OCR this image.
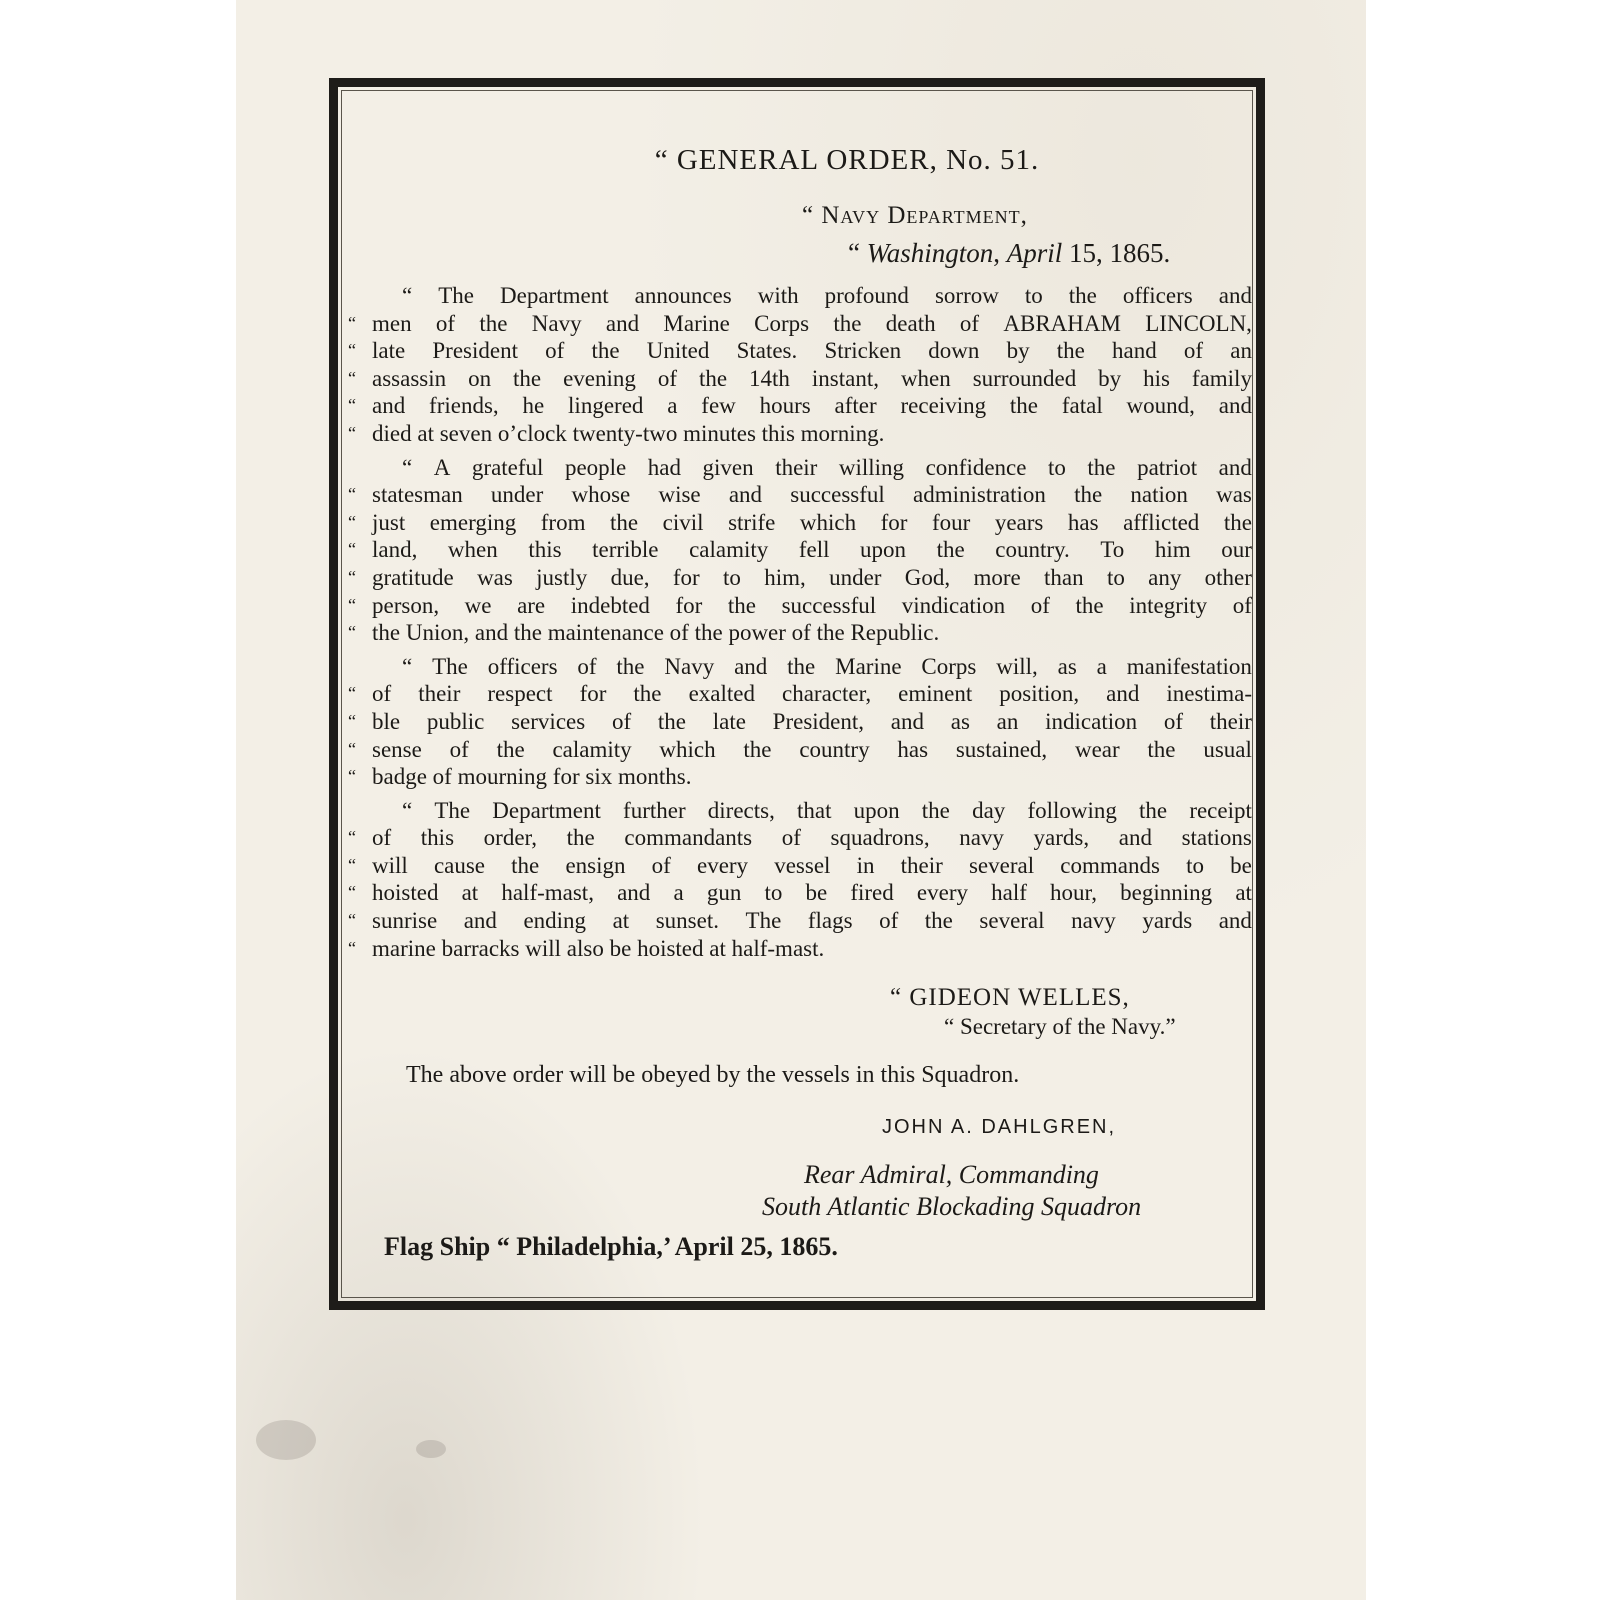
“ GENERAL ORDER, No. 51.
“ Navy Department,
“ Washington, April 15, 1865.
“ The Department announces with profound sorrow to the officers and
“ men of the Navy and Marine Corps the death of ABRAHAM LINCOLN,
“ late President of the United States. Stricken down by the hand of an
“ assassin on the evening of the 14th instant, when surrounded by his family
“ and friends, he lingered a few hours after receiving the fatal wound, and
“ died
at
seven
o’clock
twenty-two
minutes
this
morning.

“ A grateful people had given their willing confidence to the patriot and
“ statesman under whose wise and successful administration the nation was
“ just emerging from the civil strife which for four years has afflicted the
“ land, when this terrible calamity fell upon the country. To him our
“ gratitude was justly due, for to him, under God, more than to any other
“ person, we are indebted for the successful vindication of the integrity of
“ the
Union,
and
the
maintenance
of
the
power
of
the
Republic.

“ The officers of the Navy and the Marine Corps will, as a manifestation
“ of their respect for the exalted character, eminent position, and inestima-
“ ble public services of the late President, and as an indication of their
“ sense of the calamity which the country has sustained, wear the usual
“ badge
of
mourning
for
six
months.

“ The Department further directs, that upon the day following the receipt
“ of this order, the commandants of squadrons, navy yards, and stations
“ will cause the ensign of every vessel in their several commands to be
“ hoisted at half-mast, and a gun to be fired every half hour, beginning at
“ sunrise and ending at sunset. The flags of the several navy yards and
“ marine
barracks
will
also
be
hoisted
at
half-mast.

“ GIDEON WELLES,
“ Secretary of the Navy.”
The above order will be obeyed by the vessels in this Squadron.
JOHN A. DAHLGREN,
Rear Admiral, Commanding
South Atlantic Blockading Squadron
Flag Ship “ Philadelphia,’ April 25, 1865.
